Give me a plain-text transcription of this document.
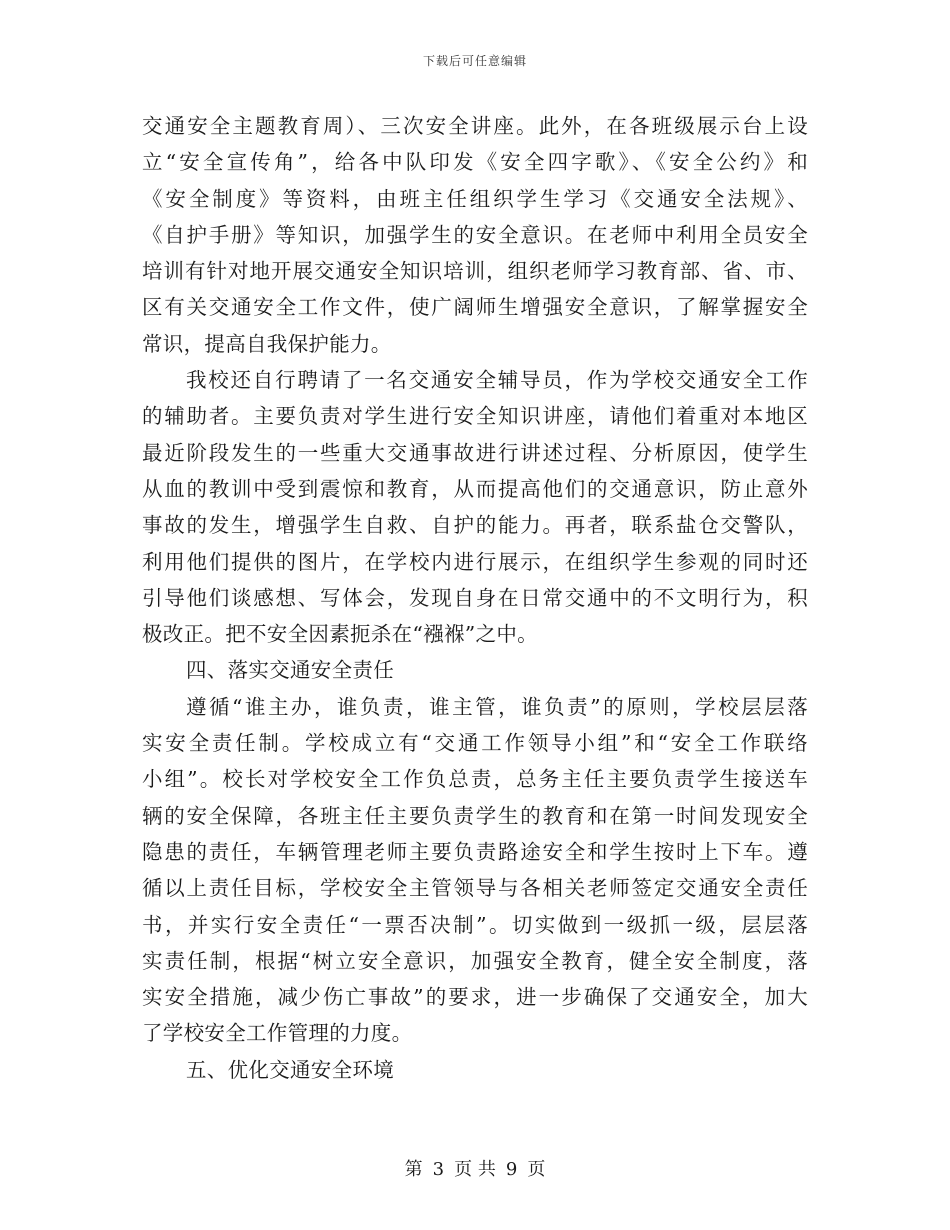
下载后可任意编辑
交通安全主题教育周）、三次安全讲座。此外，在各班级展示台上设
立“安全宣传角”，给各中队印发《安全四字歌》、《安全公约》和
《安全制度》等资料，由班主任组织学生学习《交通安全法规》、
《自护手册》等知识，加强学生的安全意识。在老师中利用全员安全
培训有针对地开展交通安全知识培训，组织老师学习教育部、省、市、
区有关交通安全工作文件，使广阔师生增强安全意识，了解掌握安全
常识，提高自我保护能力。
我校还自行聘请了一名交通安全辅导员，作为学校交通安全工作
的辅助者。主要负责对学生进行安全知识讲座，请他们着重对本地区
最近阶段发生的一些重大交通事故进行讲述过程、分析原因，使学生
从血的教训中受到震惊和教育，从而提高他们的交通意识，防止意外
事故的发生，增强学生自救、自护的能力。再者，联系盐仓交警队，
利用他们提供的图片，在学校内进行展示，在组织学生参观的同时还
引导他们谈感想、写体会，发现自身在日常交通中的不文明行为，积
极改正。把不安全因素扼杀在“襁褓”之中。
四、落实交通安全责任
遵循“谁主办，谁负责，谁主管，谁负责”的原则，学校层层落
实安全责任制。学校成立有“交通工作领导小组”和“安全工作联络
小组”。校长对学校安全工作负总责，总务主任主要负责学生接送车
辆的安全保障，各班主任主要负责学生的教育和在第一时间发现安全
隐患的责任，车辆管理老师主要负责路途安全和学生按时上下车。遵
循以上责任目标，学校安全主管领导与各相关老师签定交通安全责任
书，并实行安全责任“一票否决制”。切实做到一级抓一级，层层落
实责任制，根据“树立安全意识，加强安全教育，健全安全制度，落
实安全措施，减少伤亡事故”的要求，进一步确保了交通安全，加大
了学校安全工作管理的力度。
五、优化交通安全环境
第 3 页 共 9 页
